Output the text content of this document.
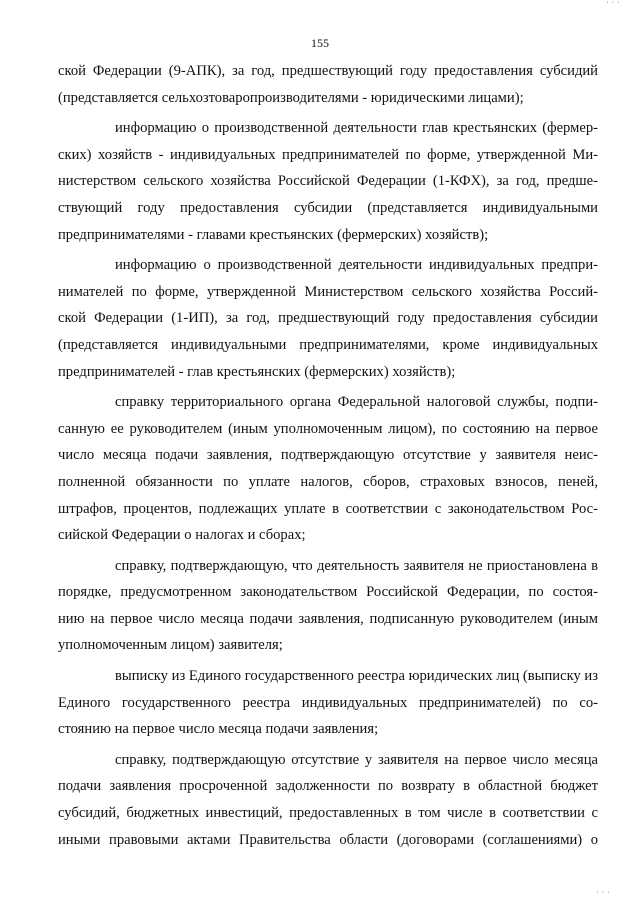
' ' '
155
ской Федерации (9-АПК), за год, предшествующий году предоставления субсидий
(представляется сельхозтоваропроизводителями - юридическими лицами);
информацию о производственной деятельности глав крестьянских (фермер-
ских) хозяйств - индивидуальных предпринимателей по форме, утвержденной Ми-
нистерством сельского хозяйства Российской Федерации (1-КФХ), за год, предше-
ствующий году предоставления субсидии (представляется индивидуальными
предпринимателями - главами крестьянских (фермерских) хозяйств);
информацию о производственной деятельности индивидуальных предпри-
нимателей по форме, утвержденной Министерством сельского хозяйства Россий-
ской Федерации (1-ИП), за год, предшествующий году предоставления субсидии
(представляется индивидуальными предпринимателями, кроме индивидуальных
предпринимателей - глав крестьянских (фермерских) хозяйств);
справку территориального органа Федеральной налоговой службы, подпи-
санную ее руководителем (иным уполномоченным лицом), по состоянию на первое
число месяца подачи заявления, подтверждающую отсутствие у заявителя неис-
полненной обязанности по уплате налогов, сборов, страховых взносов, пеней,
штрафов, процентов, подлежащих уплате в соответствии с законодательством Рос-
сийской Федерации о налогах и сборах;
справку, подтверждающую, что деятельность заявителя не приостановлена в
порядке, предусмотренном законодательством Российской Федерации, по состоя-
нию на первое число месяца подачи заявления, подписанную руководителем (иным
уполномоченным лицом) заявителя;
выписку из Единого государственного реестра юридических лиц (выписку из
Единого государственного реестра индивидуальных предпринимателей) по со-
стоянию на первое число месяца подачи заявления;
справку, подтверждающую отсутствие у заявителя на первое число месяца
подачи заявления просроченной задолженности по возврату в областной бюджет
субсидий, бюджетных инвестиций, предоставленных в том числе в соответствии с
иными правовыми актами Правительства области (договорами (соглашениями) о
' ' '
